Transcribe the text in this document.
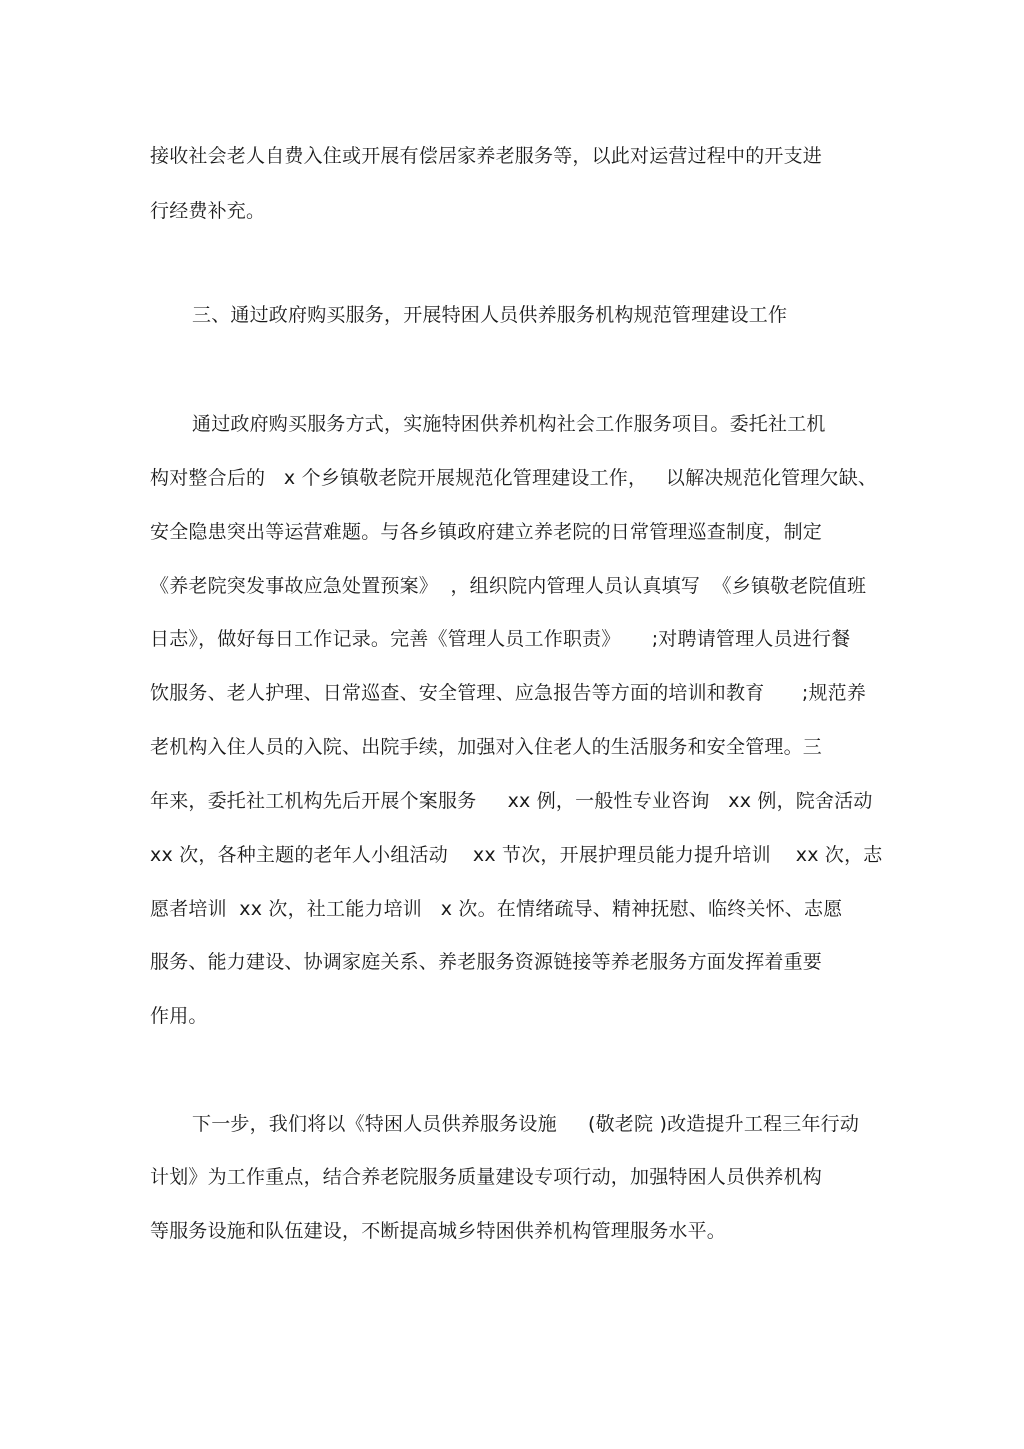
接收社会老人自费入住或开展有偿居家养老服务等，以此对运营过程中的开支进
行经费补充。
三、通过政府购买服务，开展特困人员供养服务机构规范管理建设工作
通过政府购买服务方式，实施特困供养机构社会工作服务项目。委托社工机
构对整合后的   x 个乡镇敬老院开展规范化管理建设工作，   以解决规范化管理欠缺、
安全隐患突出等运营难题。与各乡镇政府建立养老院的日常管理巡查制度，制定
《养老院突发事故应急处置预案》  ，组织院内管理人员认真填写  《乡镇敬老院值班
日志》，做好每日工作记录。完善《管理人员工作职责》     ;对聘请管理人员进行餐
饮服务、老人护理、日常巡查、安全管理、应急报告等方面的培训和教育      ;规范养
老机构入住人员的入院、出院手续，加强对入住老人的生活服务和安全管理。三
年来，委托社工机构先后开展个案服务     xx 例，一般性专业咨询   xx 例，院舍活动
xx 次，各种主题的老年人小组活动    xx 节次，开展护理员能力提升培训    xx 次，志
愿者培训  xx 次，社工能力培训   x 次。在情绪疏导、精神抚慰、临终关怀、志愿
服务、能力建设、协调家庭关系、养老服务资源链接等养老服务方面发挥着重要
作用。
下一步，我们将以《特困人员供养服务设施     (敬老院 )改造提升工程三年行动
计划》为工作重点，结合养老院服务质量建设专项行动，加强特困人员供养机构
等服务设施和队伍建设，不断提高城乡特困供养机构管理服务水平。
